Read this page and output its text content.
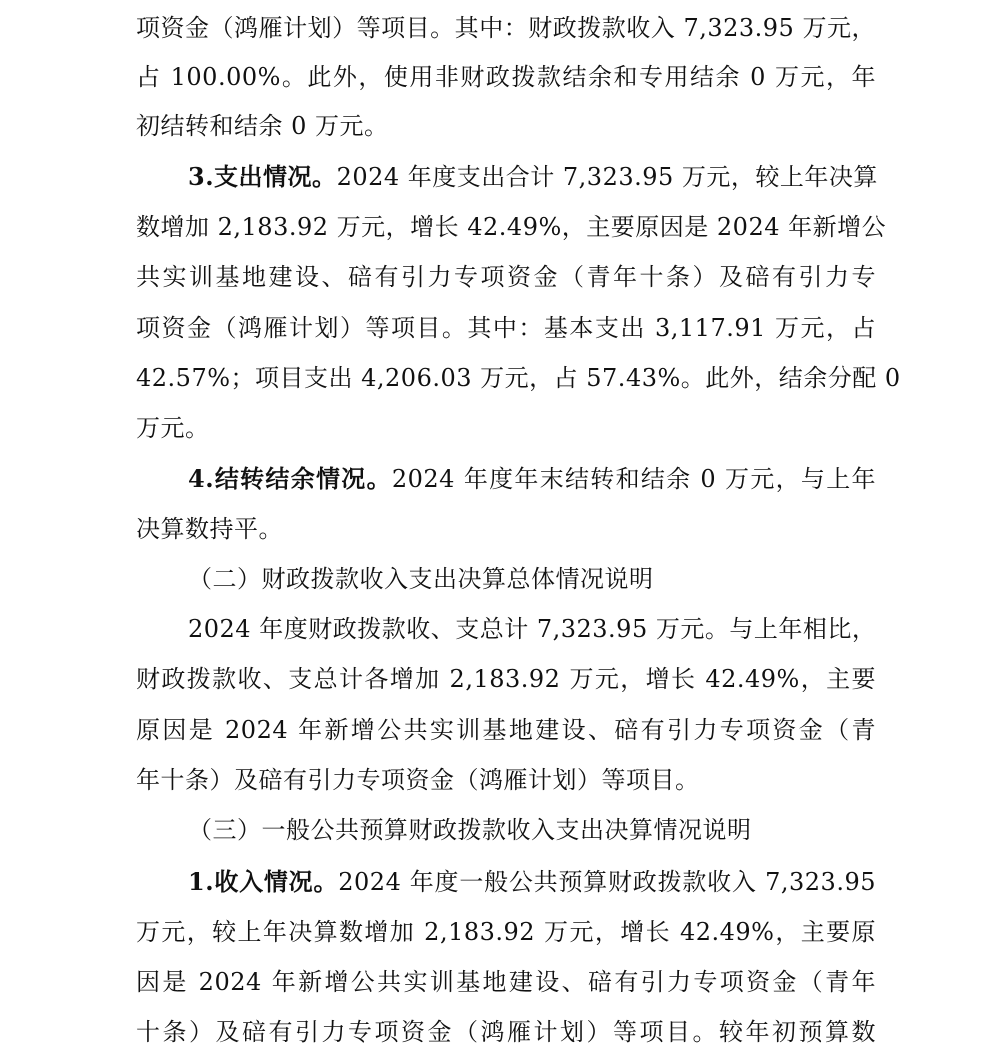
项资金（鸿雁计划）等项目。其中：财政拨款收入 7,323.95 万元，
占 100.00%。此外，使用非财政拨款结余和专用结余 0 万元，年
初结转和结余 0 万元。
3.支出情况。2024 年度支出合计 7,323.95 万元，较上年决算
数增加 2,183.92 万元，增长 42.49%，主要原因是 2024 年新增公
共实训基地建设、碚有引力专项资金（青年十条）及碚有引力专
项资金（鸿雁计划）等项目。其中：基本支出 3,117.91 万元，占
42.57%；项目支出 4,206.03 万元，占 57.43%。此外，结余分配 0
万元。
4.结转结余情况。2024 年度年末结转和结余 0 万元，与上年
决算数持平。
（二）财政拨款收入支出决算总体情况说明
2024 年度财政拨款收、支总计 7,323.95 万元。与上年相比，
财政拨款收、支总计各增加 2,183.92 万元，增长 42.49%，主要
原因是 2024 年新增公共实训基地建设、碚有引力专项资金（青
年十条）及碚有引力专项资金（鸿雁计划）等项目。
（三）一般公共预算财政拨款收入支出决算情况说明
1.收入情况。2024 年度一般公共预算财政拨款收入 7,323.95
万元，较上年决算数增加 2,183.92 万元，增长 42.49%，主要原
因是 2024 年新增公共实训基地建设、碚有引力专项资金（青年
十条）及碚有引力专项资金（鸿雁计划）等项目。较年初预算数
